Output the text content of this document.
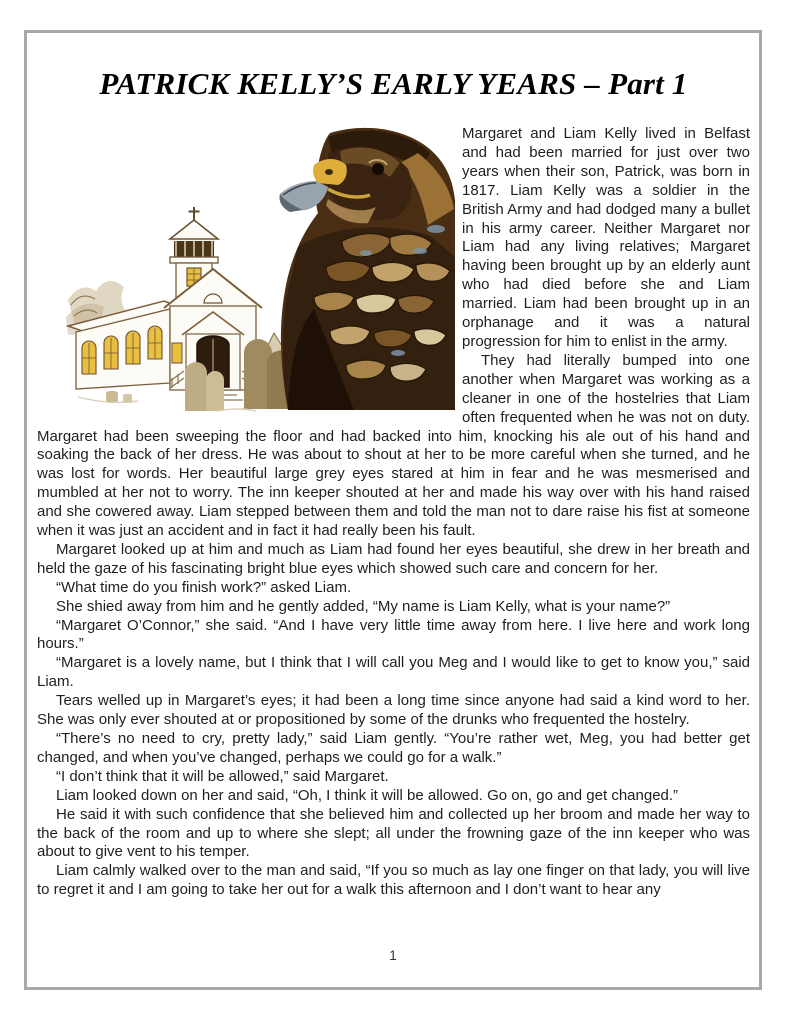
PATRICK KELLY’S EARLY YEARS – Part 1

Margaret and Liam Kelly lived in Belfast and had been married for just over two years when their son, Patrick, was born in 1817. Liam Kelly was a soldier in the British Army and had dodged many a bullet in his army career. Neither Margaret nor Liam had any living relatives; Margaret having been brought up by an elderly aunt who had died before she and Liam married. Liam had been brought up in an orphanage and it was a natural progression for him to enlist in the army.

They had literally bumped into one another when Margaret was working as a cleaner in one of the hostelries that Liam often frequented when he was not on duty. Margaret had been sweeping the floor and had backed into him, knocking his ale out of his hand and soaking the back of her dress. He was about to shout at her to be more careful when she turned, and he was lost for words. Her beautiful large grey eyes stared at him in fear and he was mesmerised and mumbled at her not to worry. The inn keeper shouted at her and made his way over with his hand raised and she cowered away. Liam stepped between them and told the man not to dare raise his fist at someone when it was just an accident and in fact it had really been his fault.

Margaret looked up at him and much as Liam had found her eyes beautiful, she drew in her breath and held the gaze of his fascinating bright blue eyes which showed such care and concern for her.

“What time do you finish work?” asked Liam.

She shied away from him and he gently added, “My name is Liam Kelly, what is your name?”

“Margaret O’Connor,” she said. “And I have very little time away from here. I live here and work long hours.”

“Margaret is a lovely name, but I think that I will call you Meg and I would like to get to know you,” said Liam.

Tears welled up in Margaret’s eyes; it had been a long time since anyone had said a kind word to her. She was only ever shouted at or propositioned by some of the drunks who frequented the hostelry.

“There’s no need to cry, pretty lady,” said Liam gently. “You’re rather wet, Meg, you had better get changed, and when you’ve changed, perhaps we could go for a walk.”

“I don’t think that it will be allowed,” said Margaret.

Liam looked down on her and said, “Oh, I think it will be allowed. Go on, go and get changed.”

He said it with such confidence that she believed him and collected up her broom and made her way to the back of the room and up to where she slept; all under the frowning gaze of the inn keeper who was about to give vent to his temper.

Liam calmly walked over to the man and said, “If you so much as lay one finger on that lady, you will live to regret it and I am going to take her out for a walk this afternoon and I don’t want to hear any

1
